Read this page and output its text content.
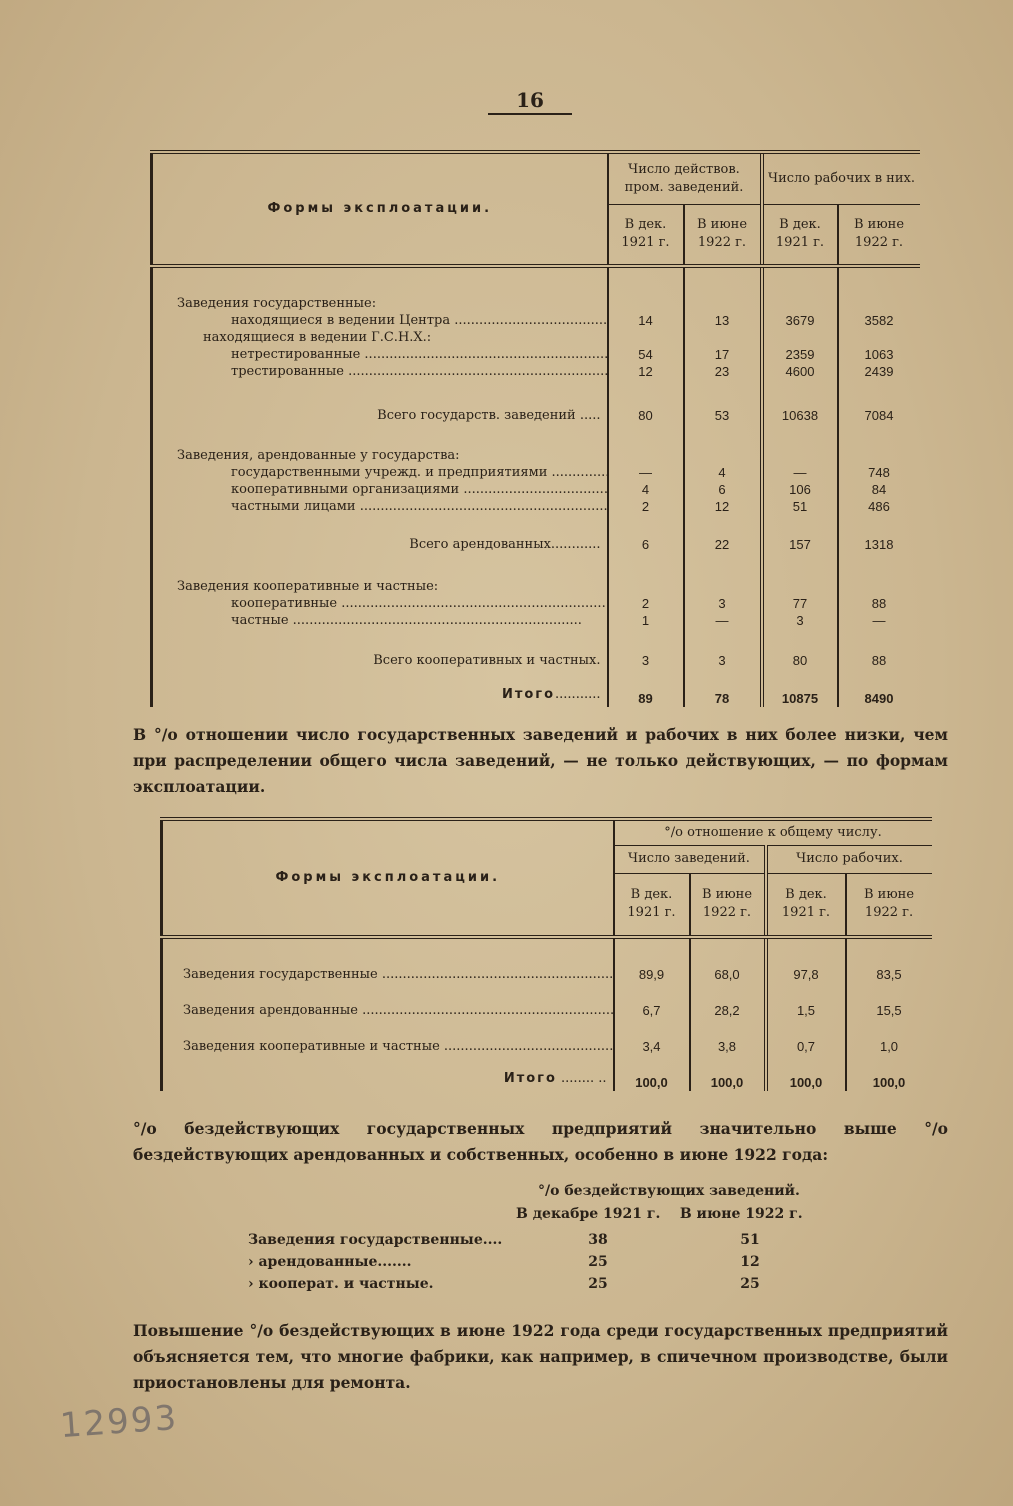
16
Формы эксплоатации.	Число действов. пром. заведений.		Число рабочих в них.	
	В дек. 1921 г.	В июне 1922 г.	В дек. 1921 г.	В июне 1922 г.
Заведения государственные:				
находящиеся в ведении Центра .....	14	13	3679	3582
находящиеся в ведении Г.С.Н.Х.:				
нетрестированные .....	54	17	2359	1063
трестированные .....	12	23	4600	2439
Всего государств. заведений .....	80	53	10638	7084
Заведения, арендованные у государства:				
государственными учрежд. и предприятиями .....	—	4	—	748
кооперативными организациями .....	4	6	106	84
частными лицами .....	2	12	51	486
Всего арендованных............	6	22	157	1318
Заведения кооперативные и частные:				
кооперативные .....	2	3	77	88
частные .....	1	—	3	—
Всего кооперативных и частных.	3	3	80	88
Итого...........	89	78	10875	8490
В °/о отношении число государственных заведений и рабочих в них более низки, чем при распределении общего числа заведений, — не только действующих, — по формам эксплоатации.
Формы эксплоатации.	°/о отношение к общему числу.			
	Число заведений.		Число рабочих.	
	В дек. 1921 г.	В июне 1922 г.	В дек. 1921 г.	В июне 1922 г.
Заведения государственные .....	89,9	68,0	97,8	83,5
Заведения арендованные .....	6,7	28,2	1,5	15,5
Заведения кооперативные и частные .....	3,4	3,8	0,7	1,0
Итого ........ ..	100,0	100,0	100,0	100,0
°/о бездействующих государственных предприятий значительно выше °/о бездействующих арендованных и собственных, особенно в июне 1922 года:
°/о бездействующих заведений.
В декабре 1921 г. В июне 1922 г.
Заведения государственные....	38	51
› арендованные.......	25	12
› кооперат. и частные.	25	25
Повышение °/о бездействующих в июне 1922 года среди государственных предприятий объясняется тем, что многие фабрики, как например, в спичечном производстве, были приостановлены для ремонта.
12993
